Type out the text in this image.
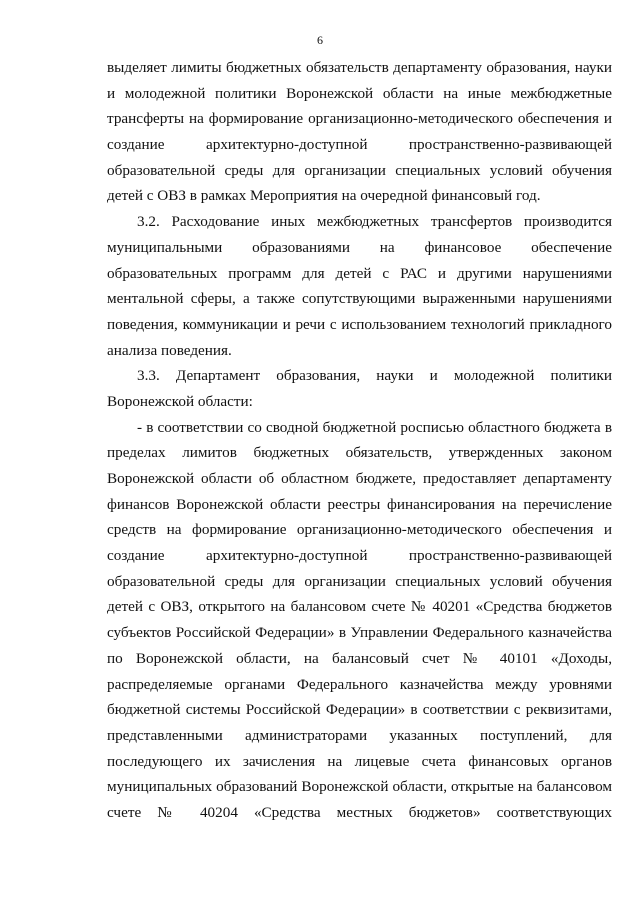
6
выделяет лимиты бюджетных обязательств департаменту образования, науки
и молодежной политики Воронежской области на иные межбюджетные
трансферты на формирование организационно-методического обеспечения и
создание архитектурно-доступной пространственно-развивающей
образовательной среды для организации специальных условий обучения
детей с ОВЗ в рамках Мероприятия на очередной финансовый год.
3.2. Расходование иных межбюджетных трансфертов производится
муниципальными образованиями на финансовое обеспечение
образовательных программ для детей с РАС и другими нарушениями
ментальной сферы, а также сопутствующими выраженными нарушениями
поведения, коммуникации и речи с использованием технологий прикладного
анализа поведения.
3.3. Департамент образования, науки и молодежной политики
Воронежской области:
- в соответствии со сводной бюджетной росписью областного бюджета в
пределах лимитов бюджетных обязательств, утвержденных законом
Воронежской области об областном бюджете, предоставляет департаменту
финансов Воронежской области реестры финансирования на перечисление
средств на формирование организационно-методического обеспечения и
создание архитектурно-доступной пространственно-развивающей
образовательной среды для организации специальных условий обучения
детей с ОВЗ, открытого на балансовом счете № 40201 «Средства бюджетов
субъектов Российской Федерации» в Управлении Федерального казначейства
по Воронежской области, на балансовый счет № 40101 «Доходы,
распределяемые органами Федерального казначейства между уровнями
бюджетной системы Российской Федерации» в соответствии с реквизитами,
представленными администраторами указанных поступлений, для
последующего их зачисления на лицевые счета финансовых органов
муниципальных образований Воронежской области, открытые на балансовом
счете № 40204 «Средства местных бюджетов» соответствующих
